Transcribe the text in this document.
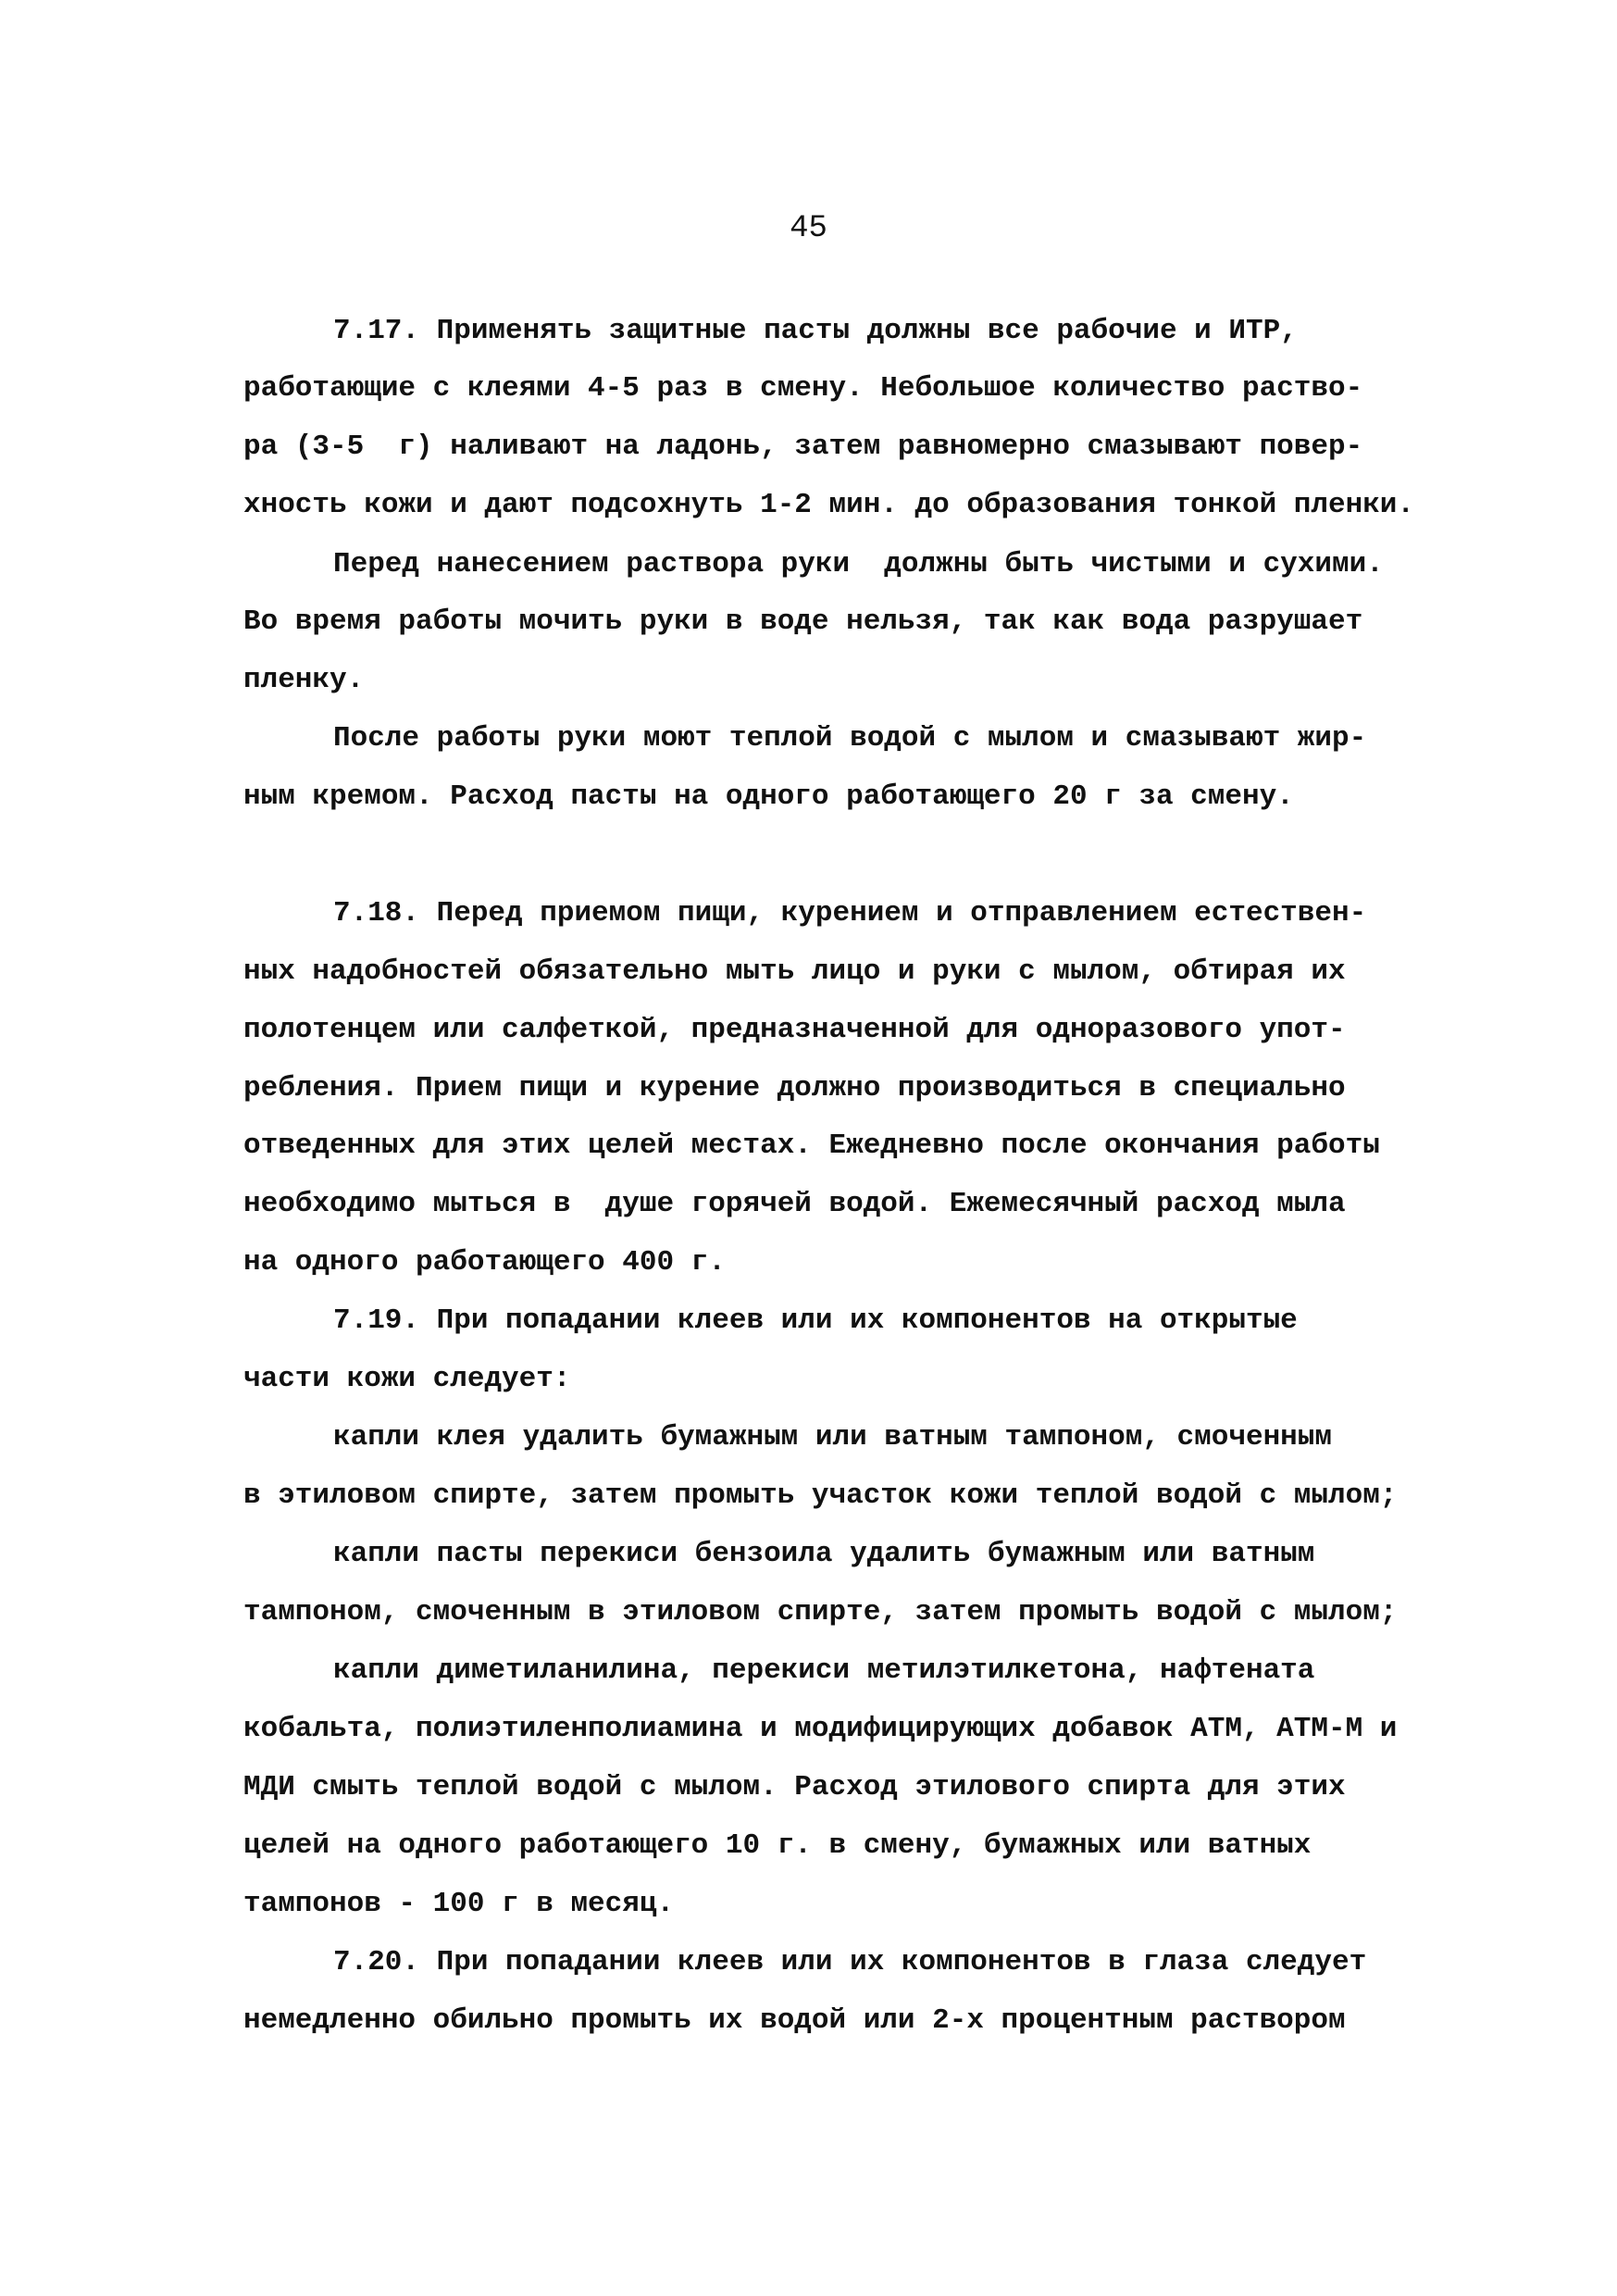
45
7.17. Применять защитные пасты должны все рабочие и ИТР,
работающие с клеями 4-5 раз в смену. Небольшое количество раство-
ра (3-5  г) наливают на ладонь, затем равномерно смазывают повер-
хность кожи и дают подсохнуть 1-2 мин. до образования тонкой пленки.
Перед нанесением раствора руки  должны быть чистыми и сухими.
Во время работы мочить руки в воде нельзя, так как вода разрушает
пленку.
После работы руки моют теплой водой с мылом и смазывают жир-
ным кремом. Расход пасты на одного работающего 20 г за смену.
7.18. Перед приемом пищи, курением и отправлением естествен-
ных надобностей обязательно мыть лицо и руки с мылом, обтирая их
полотенцем или салфеткой, предназначенной для одноразового упот-
ребления. Прием пищи и курение должно производиться в специально
отведенных для этих целей местах. Ежедневно после окончания работы
необходимо мыться в  душе горячей водой. Ежемесячный расход мыла
на одного работающего 400 г.
7.19. При попадании клеев или их компонентов на открытые
части кожи следует:
капли клея удалить бумажным или ватным тампоном, смоченным
в этиловом спирте, затем промыть участок кожи теплой водой с мылом;
капли пасты перекиси бензоила удалить бумажным или ватным
тампоном, смоченным в этиловом спирте, затем промыть водой с мылом;
капли диметиланилина, перекиси метилэтилкетона, нафтената
кобальта, полиэтиленполиамина и модифицирующих добавок АТМ, АТМ-М и
МДИ смыть теплой водой с мылом. Расход этилового спирта для этих
целей на одного работающего 10 г. в смену, бумажных или ватных
тампонов - 100 г в месяц.
7.20. При попадании клеев или их компонентов в глаза следует
немедленно обильно промыть их водой или 2-х процентным раствором
